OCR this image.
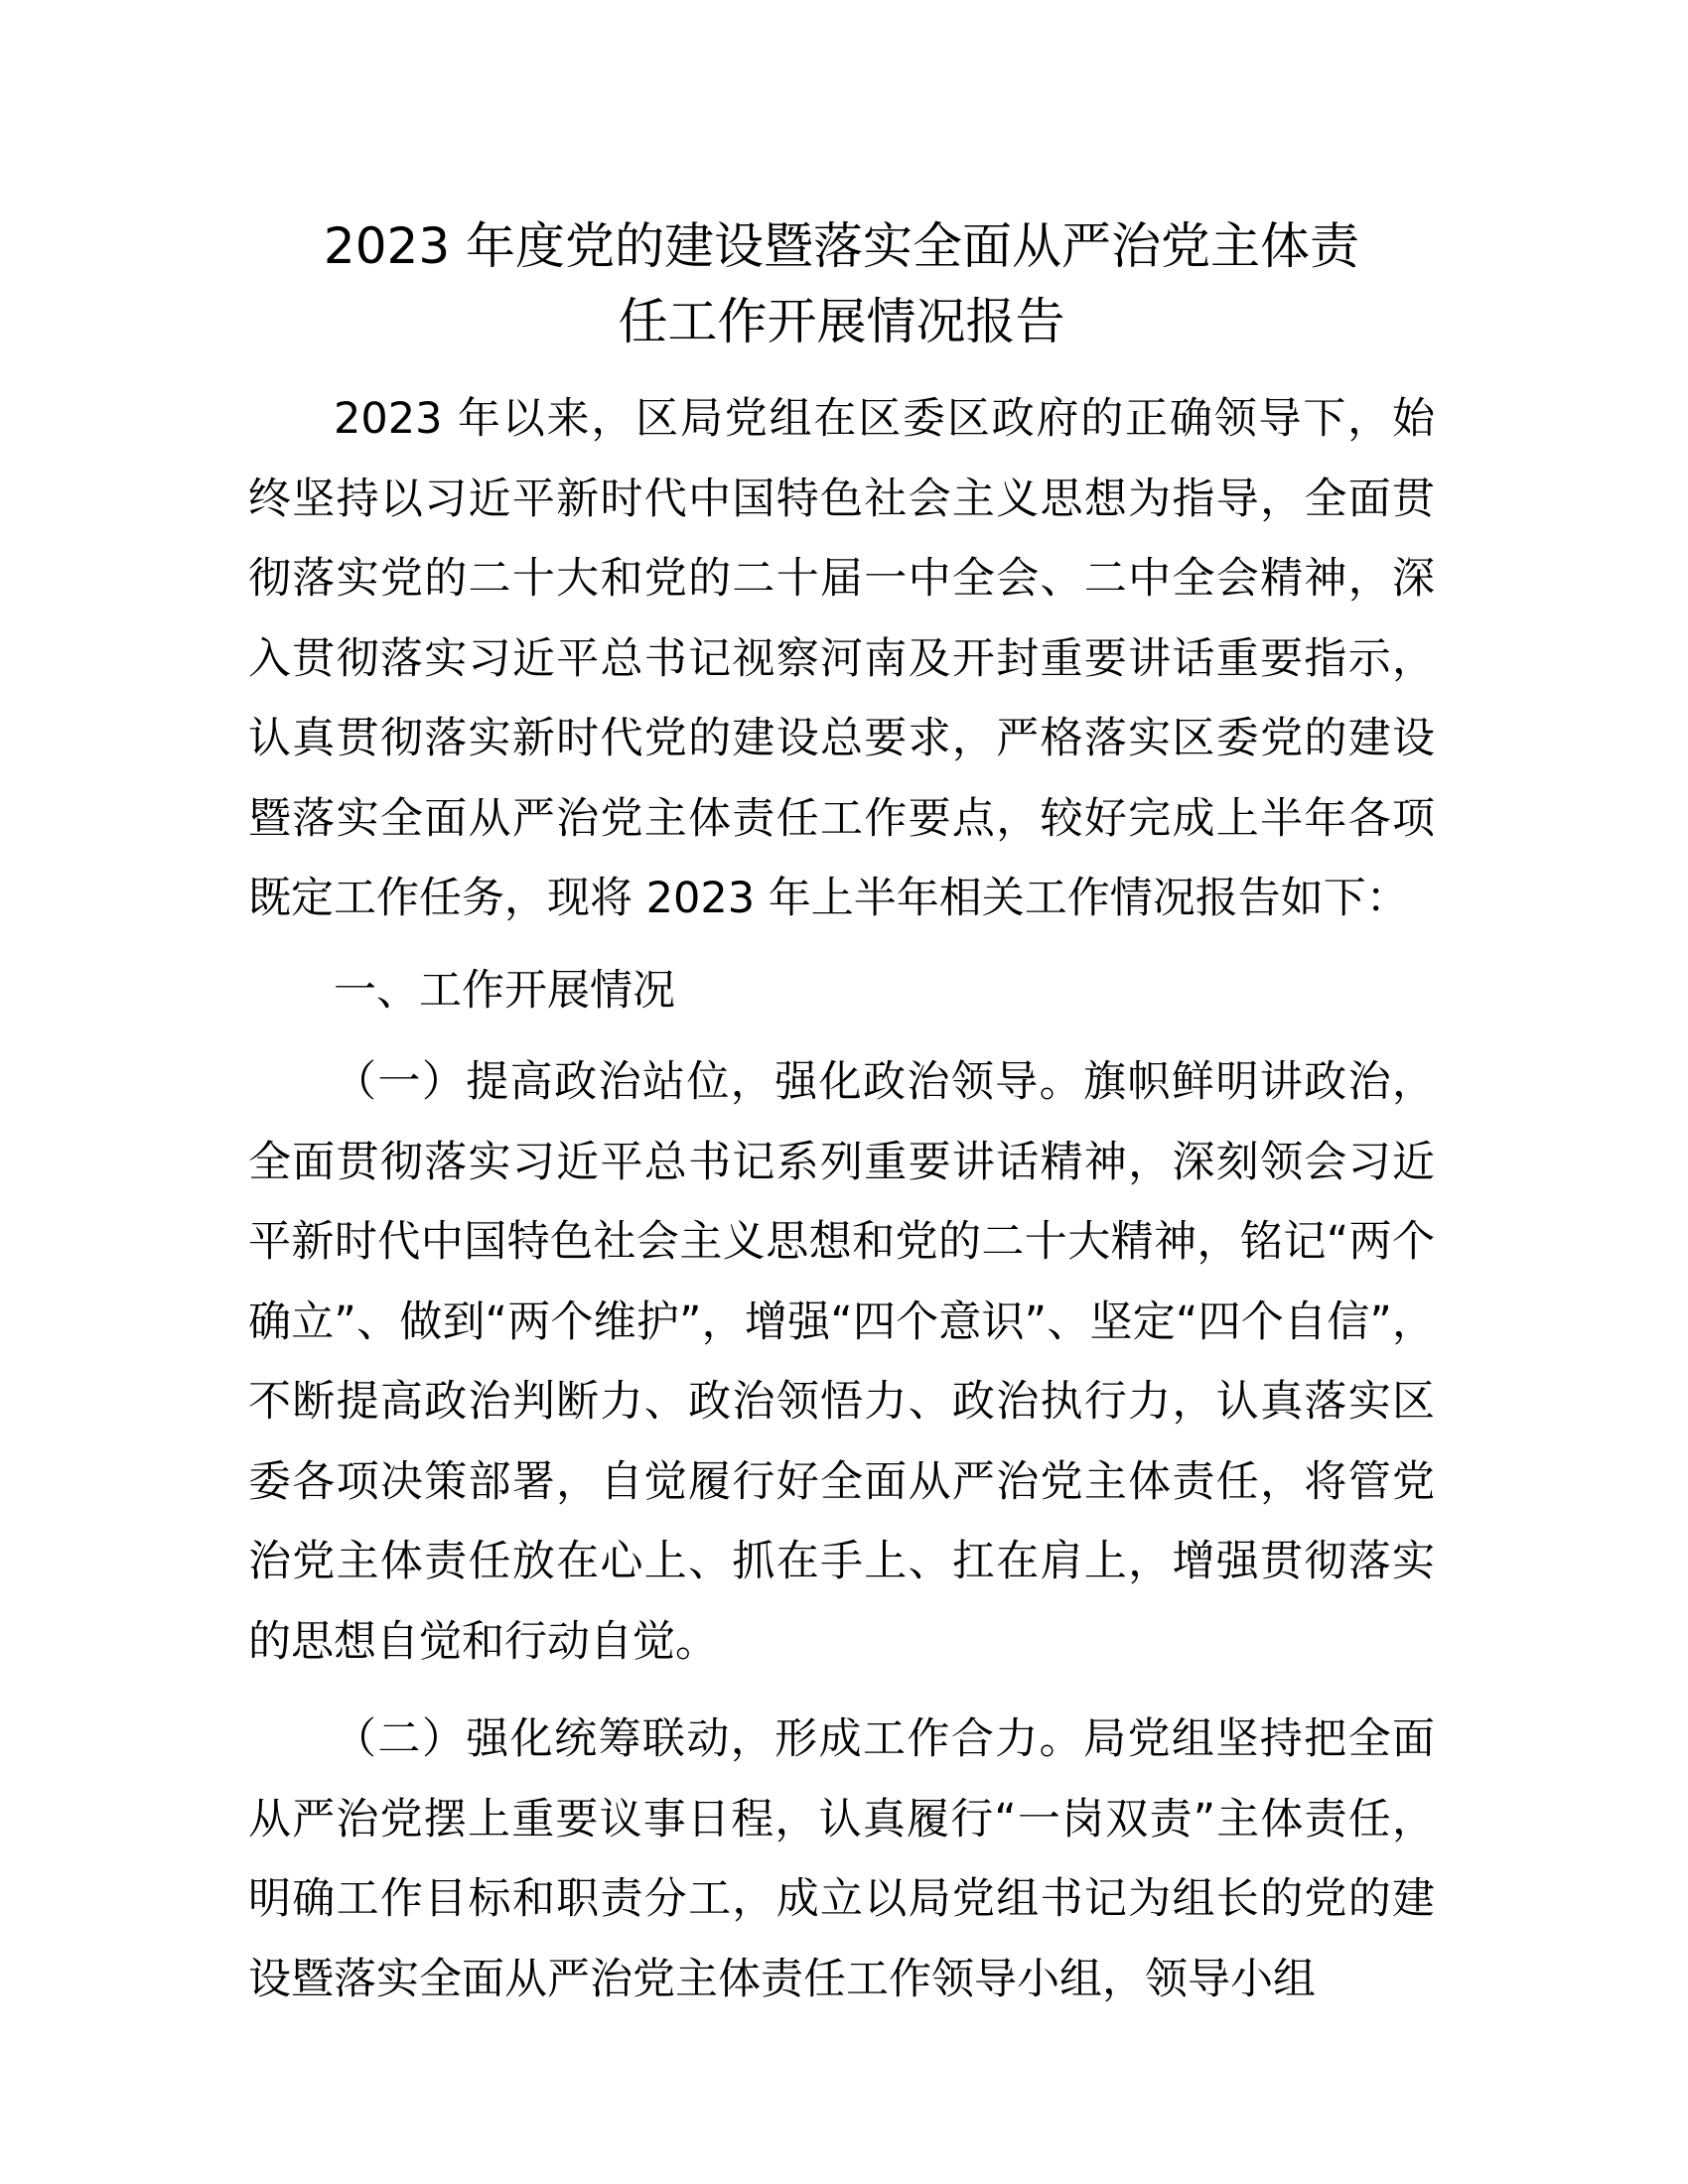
2023 年度党的建设暨落实全面从严治党主体责
任工作开展情况报告

2023 年以来，区局党组在区委区政府的正确领导下，始终坚持以习近平新时代中国特色社会主义思想为指导，全面贯彻落实党的二十大和党的二十届一中全会、二中全会精神，深入贯彻落实习近平总书记视察河南及开封重要讲话重要指示，认真贯彻落实新时代党的建设总要求，严格落实区委党的建设暨落实全面从严治党主体责任工作要点，较好完成上半年各项既定工作任务，现将 2023 年上半年相关工作情况报告如下：

一、工作开展情况

（一）提高政治站位，强化政治领导。旗帜鲜明讲政治，全面贯彻落实习近平总书记系列重要讲话精神，深刻领会习近平新时代中国特色社会主义思想和党的二十大精神，铭记“两个确立”、做到“两个维护”，增强“四个意识”、坚定“四个自信”，不断提高政治判断力、政治领悟力、政治执行力，认真落实区委各项决策部署，自觉履行好全面从严治党主体责任，将管党治党主体责任放在心上、抓在手上、扛在肩上，增强贯彻落实的思想自觉和行动自觉。

（二）强化统筹联动，形成工作合力。局党组坚持把全面从严治党摆上重要议事日程，认真履行“一岗双责”主体责任，明确工作目标和职责分工，成立以局党组书记为组长的党的建设暨落实全面从严治党主体责任工作领导小组，领导小组
